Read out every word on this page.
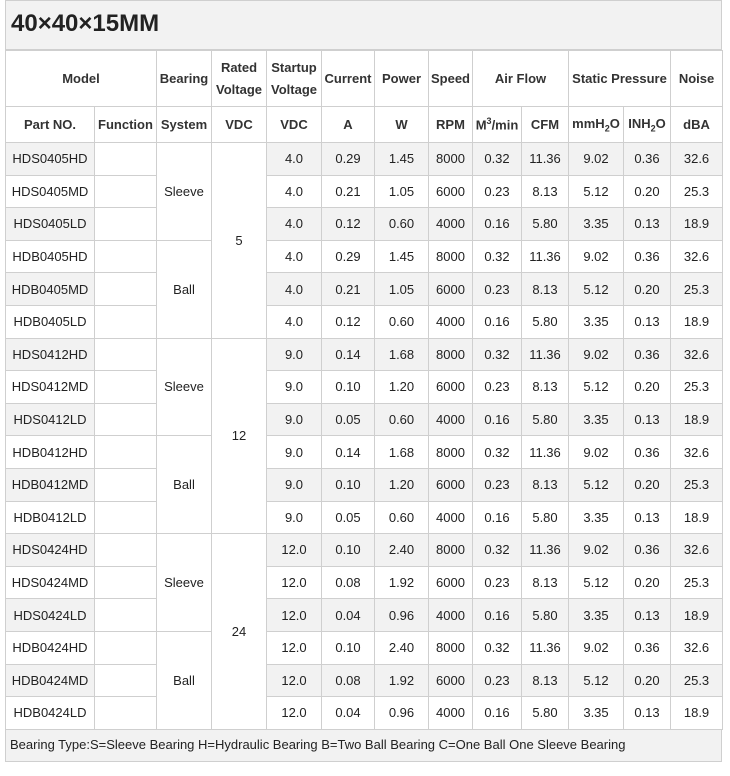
40×40×15MM
Model		Bearing	Rated Voltage	Startup Voltage	Current	Power	Speed	Air Flow		Static Pressure		Noise
Part NO.	Function	System	VDC	VDC	A	W	RPM	$M^3/\min$	CFM	mmH$_2$O	$INH_2O$	dBA
HDS0405HD		Sleeve	5	4.0	0.29	1.45	8000	0.32	11.36	9.02	0.36	32.6
HDS0405MD				4.0	0.21	1.05	6000	0.23	8.13	5.12	0.20	25.3
HDS0405LD				4.0	0.12	0.60	4000	0.16	5.80	3.35	0.13	18.9
HDB0405HD		Ball		4.0	0.29	1.45	8000	0.32	11.36	9.02	0.36	32.6
HDB0405MD				4.0	0.21	1.05	6000	0.23	8.13	5.12	0.20	25.3
HDB0405LD				4.0	0.12	0.60	4000	0.16	5.80	3.35	0.13	18.9
HDS0412HD		Sleeve	12	9.0	0.14	1.68	8000	0.32	11.36	9.02	0.36	32.6
HDS0412MD				9.0	0.10	1.20	6000	0.23	8.13	5.12	0.20	25.3
HDS0412LD				9.0	0.05	0.60	4000	0.16	5.80	3.35	0.13	18.9
HDB0412HD		Ball		9.0	0.14	1.68	8000	0.32	11.36	9.02	0.36	32.6
HDB0412MD				9.0	0.10	1.20	6000	0.23	8.13	5.12	0.20	25.3
HDB0412LD				9.0	0.05	0.60	4000	0.16	5.80	3.35	0.13	18.9
HDS0424HD		Sleeve	24	12.0	0.10	2.40	8000	0.32	11.36	9.02	0.36	32.6
HDS0424MD				12.0	0.08	1.92	6000	0.23	8.13	5.12	0.20	25.3
HDS0424LD				12.0	0.04	0.96	4000	0.16	5.80	3.35	0.13	18.9
HDB0424HD		Ball		12.0	0.10	2.40	8000	0.32	11.36	9.02	0.36	32.6
HDB0424MD				12.0	0.08	1.92	6000	0.23	8.13	5.12	0.20	25.3
HDB0424LD				12.0	0.04	0.96	4000	0.16	5.80	3.35	0.13	18.9
Bearing Type:S=Sleeve Bearing H=Hydraulic Bearing B=Two Ball Bearing C=One Ball One Sleeve Bearing
